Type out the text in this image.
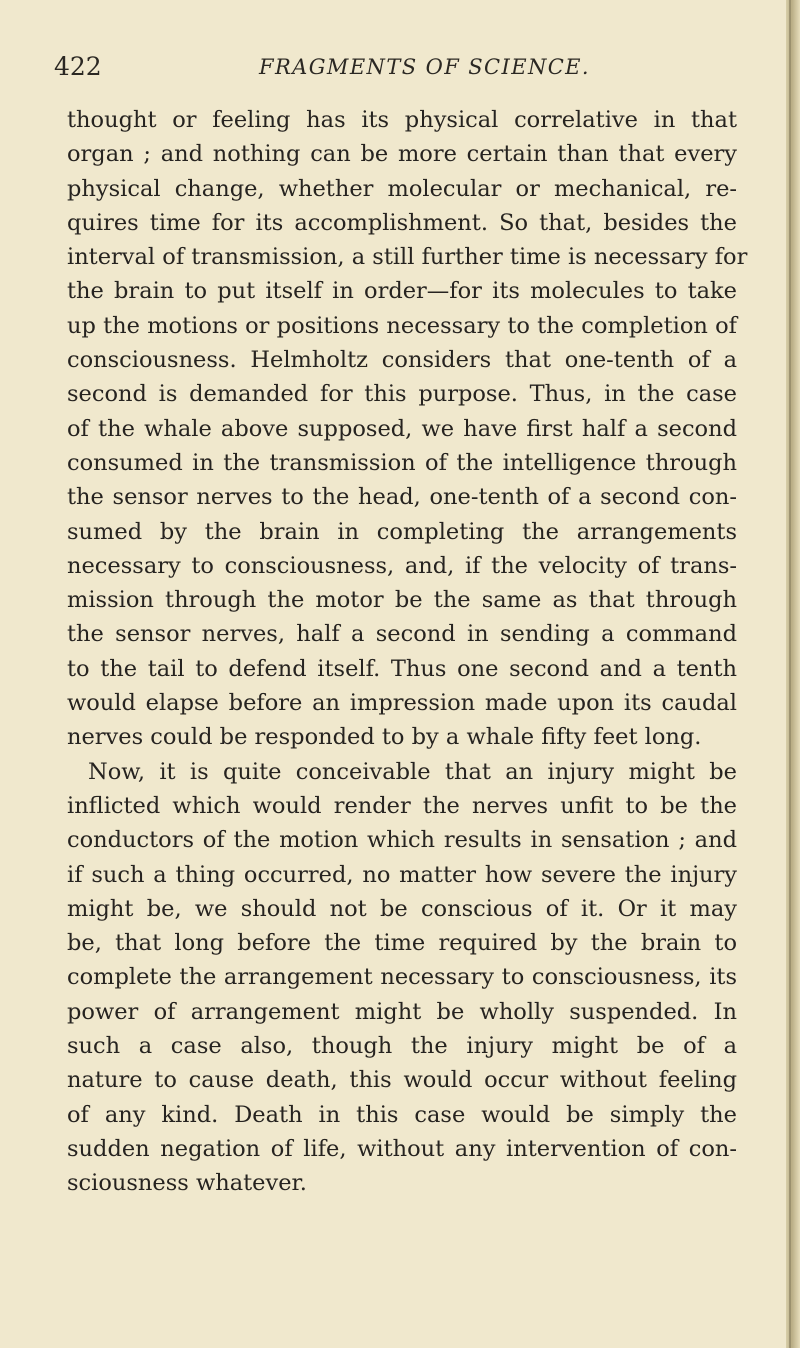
422	FRAGMENTS OF SCIENCE.
thought or feeling has its physical correlative in that
organ ; and nothing can be more certain than that every
physical change, whether molecular or mechanical, re-
quires time for its accomplishment. So that, besides the
interval of transmission, a still further time is necessary for
the brain to put itself in order—for its molecules to take
up the motions or positions necessary to the completion of
consciousness. Helmholtz considers that one-tenth of a
second is demanded for this purpose. Thus, in the case
of the whale above supposed, we have first half a second
consumed in the transmission of the intelligence through
the sensor nerves to the head, one-tenth of a second con-
sumed by the brain in completing the arrangements
necessary to consciousness, and, if the velocity of trans-
mission through the motor be the same as that through
the sensor nerves, half a second in sending a command
to the tail to defend itself. Thus one second and a tenth
would elapse before an impression made upon its caudal
nerves could be responded to by a whale fifty feet long.
Now, it is quite conceivable that an injury might be
inflicted which would render the nerves unfit to be the
conductors of the motion which results in sensation ; and
if such a thing occurred, no matter how severe the injury
might be, we should not be conscious of it. Or it may
be, that long before the time required by the brain to
complete the arrangement necessary to consciousness, its
power of arrangement might be wholly suspended. In
such a case also, though the injury might be of a
nature to cause death, this would occur without feeling
of any kind. Death in this case would be simply the
sudden negation of life, without any intervention of con-
sciousness whatever.
